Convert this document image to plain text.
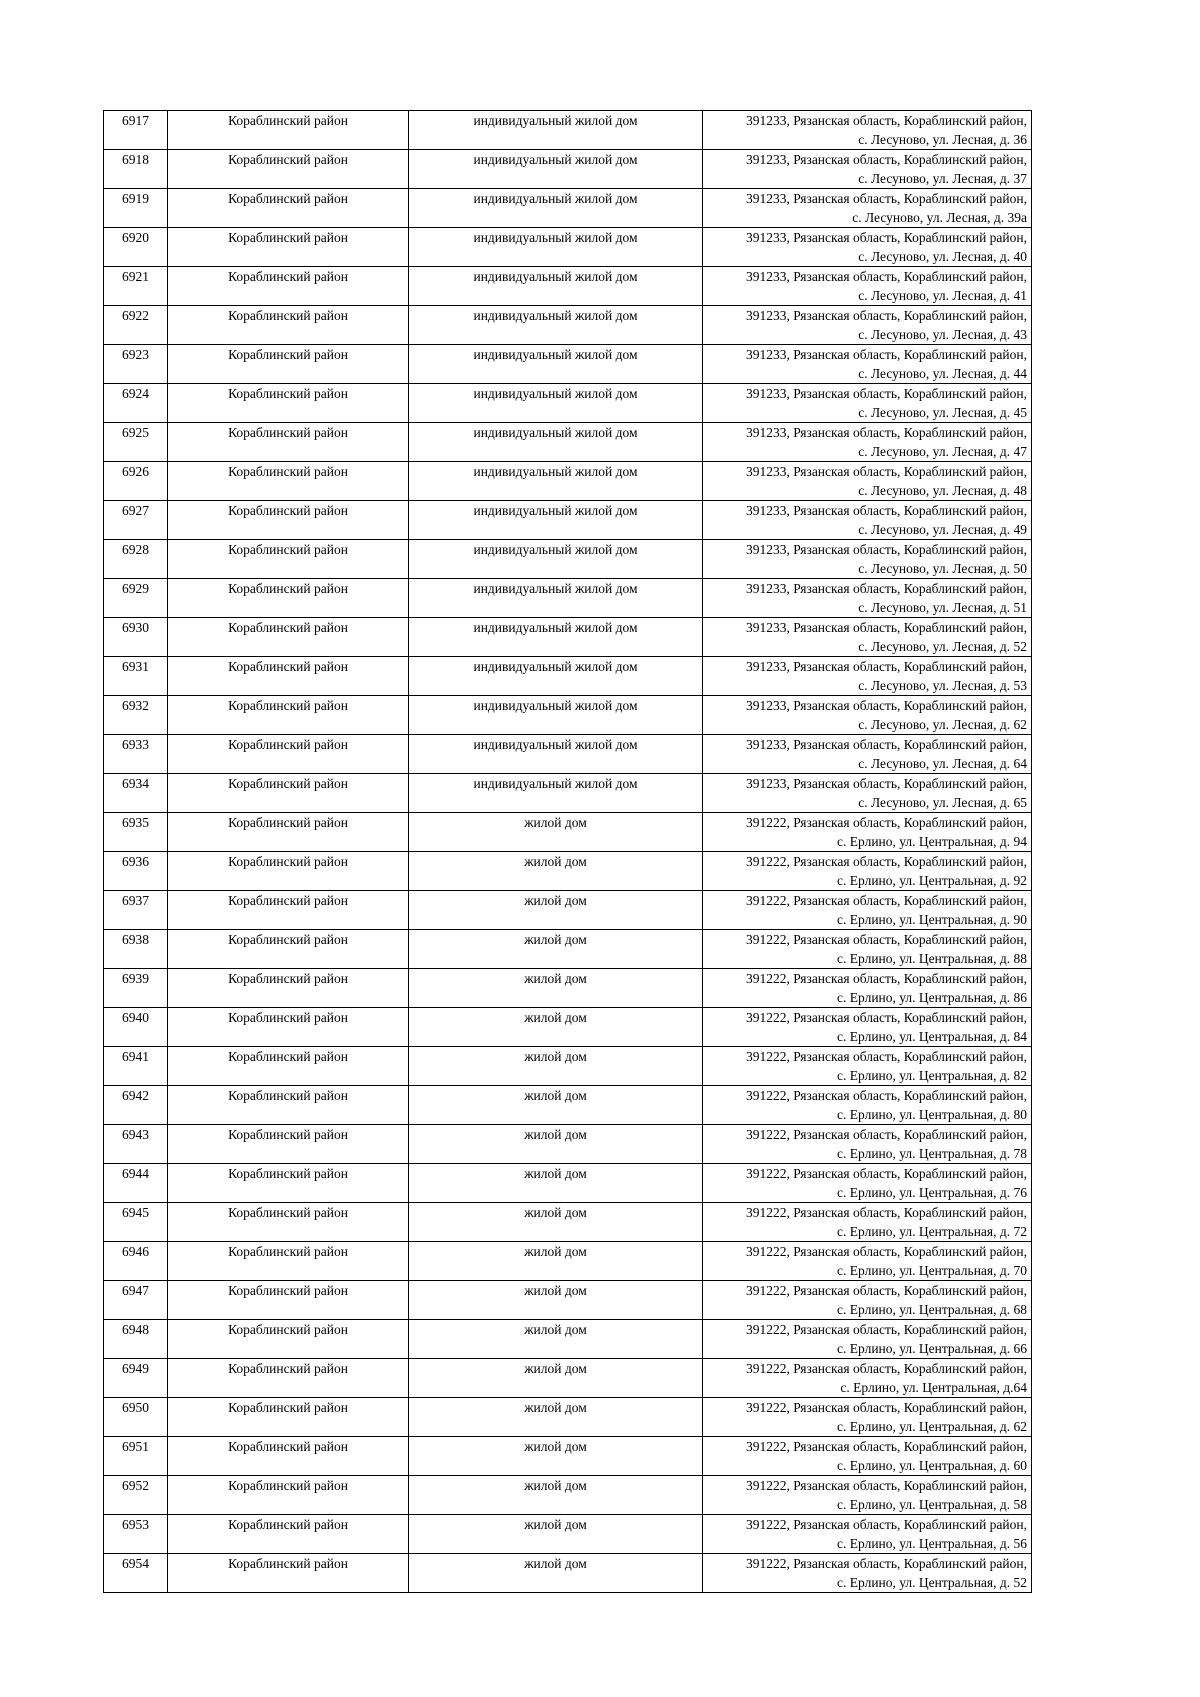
6917	Кораблинский район	индивидуальный жилой дом	391233, Рязанская область, Кораблинский район,
с. Лесуново, ул. Лесная, д. 36

6918	Кораблинский район	индивидуальный жилой дом	391233, Рязанская область, Кораблинский район,
с. Лесуново, ул. Лесная, д. 37

6919	Кораблинский район	индивидуальный жилой дом	391233, Рязанская область, Кораблинский район,
с. Лесуново, ул. Лесная, д. 39а

6920	Кораблинский район	индивидуальный жилой дом	391233, Рязанская область, Кораблинский район,
с. Лесуново, ул. Лесная, д. 40

6921	Кораблинский район	индивидуальный жилой дом	391233, Рязанская область, Кораблинский район,
с. Лесуново, ул. Лесная, д. 41

6922	Кораблинский район	индивидуальный жилой дом	391233, Рязанская область, Кораблинский район,
с. Лесуново, ул. Лесная, д. 43

6923	Кораблинский район	индивидуальный жилой дом	391233, Рязанская область, Кораблинский район,
с. Лесуново, ул. Лесная, д. 44

6924	Кораблинский район	индивидуальный жилой дом	391233, Рязанская область, Кораблинский район,
с. Лесуново, ул. Лесная, д. 45

6925	Кораблинский район	индивидуальный жилой дом	391233, Рязанская область, Кораблинский район,
с. Лесуново, ул. Лесная, д. 47

6926	Кораблинский район	индивидуальный жилой дом	391233, Рязанская область, Кораблинский район,
с. Лесуново, ул. Лесная, д. 48

6927	Кораблинский район	индивидуальный жилой дом	391233, Рязанская область, Кораблинский район,
с. Лесуново, ул. Лесная, д. 49

6928	Кораблинский район	индивидуальный жилой дом	391233, Рязанская область, Кораблинский район,
с. Лесуново, ул. Лесная, д. 50

6929	Кораблинский район	индивидуальный жилой дом	391233, Рязанская область, Кораблинский район,
с. Лесуново, ул. Лесная, д. 51

6930	Кораблинский район	индивидуальный жилой дом	391233, Рязанская область, Кораблинский район,
с. Лесуново, ул. Лесная, д. 52

6931	Кораблинский район	индивидуальный жилой дом	391233, Рязанская область, Кораблинский район,
с. Лесуново, ул. Лесная, д. 53

6932	Кораблинский район	индивидуальный жилой дом	391233, Рязанская область, Кораблинский район,
с. Лесуново, ул. Лесная, д. 62

6933	Кораблинский район	индивидуальный жилой дом	391233, Рязанская область, Кораблинский район,
с. Лесуново, ул. Лесная, д. 64

6934	Кораблинский район	индивидуальный жилой дом	391233, Рязанская область, Кораблинский район,
с. Лесуново, ул. Лесная, д. 65

6935	Кораблинский район	жилой дом	391222, Рязанская область, Кораблинский район,
с. Ерлино, ул. Центральная, д. 94

6936	Кораблинский район	жилой дом	391222, Рязанская область, Кораблинский район,
с. Ерлино, ул. Центральная, д. 92

6937	Кораблинский район	жилой дом	391222, Рязанская область, Кораблинский район,
с. Ерлино, ул. Центральная, д. 90

6938	Кораблинский район	жилой дом	391222, Рязанская область, Кораблинский район,
с. Ерлино, ул. Центральная, д. 88

6939	Кораблинский район	жилой дом	391222, Рязанская область, Кораблинский район,
с. Ерлино, ул. Центральная, д. 86

6940	Кораблинский район	жилой дом	391222, Рязанская область, Кораблинский район,
с. Ерлино, ул. Центральная, д. 84

6941	Кораблинский район	жилой дом	391222, Рязанская область, Кораблинский район,
с. Ерлино, ул. Центральная, д. 82

6942	Кораблинский район	жилой дом	391222, Рязанская область, Кораблинский район,
с. Ерлино, ул. Центральная, д. 80

6943	Кораблинский район	жилой дом	391222, Рязанская область, Кораблинский район,
с. Ерлино, ул. Центральная, д. 78

6944	Кораблинский район	жилой дом	391222, Рязанская область, Кораблинский район,
с. Ерлино, ул. Центральная, д. 76

6945	Кораблинский район	жилой дом	391222, Рязанская область, Кораблинский район,
с. Ерлино, ул. Центральная, д. 72

6946	Кораблинский район	жилой дом	391222, Рязанская область, Кораблинский район,
с. Ерлино, ул. Центральная, д. 70

6947	Кораблинский район	жилой дом	391222, Рязанская область, Кораблинский район,
с. Ерлино, ул. Центральная, д. 68

6948	Кораблинский район	жилой дом	391222, Рязанская область, Кораблинский район,
с. Ерлино, ул. Центральная, д. 66

6949	Кораблинский район	жилой дом	391222, Рязанская область, Кораблинский район,
с. Ерлино, ул. Центральная, д.64

6950	Кораблинский район	жилой дом	391222, Рязанская область, Кораблинский район,
с. Ерлино, ул. Центральная, д. 62

6951	Кораблинский район	жилой дом	391222, Рязанская область, Кораблинский район,
с. Ерлино, ул. Центральная, д. 60

6952	Кораблинский район	жилой дом	391222, Рязанская область, Кораблинский район,
с. Ерлино, ул. Центральная, д. 58

6953	Кораблинский район	жилой дом	391222, Рязанская область, Кораблинский район,
с. Ерлино, ул. Центральная, д. 56

6954	Кораблинский район	жилой дом	391222, Рязанская область, Кораблинский район,
с. Ерлино, ул. Центральная, д. 52
